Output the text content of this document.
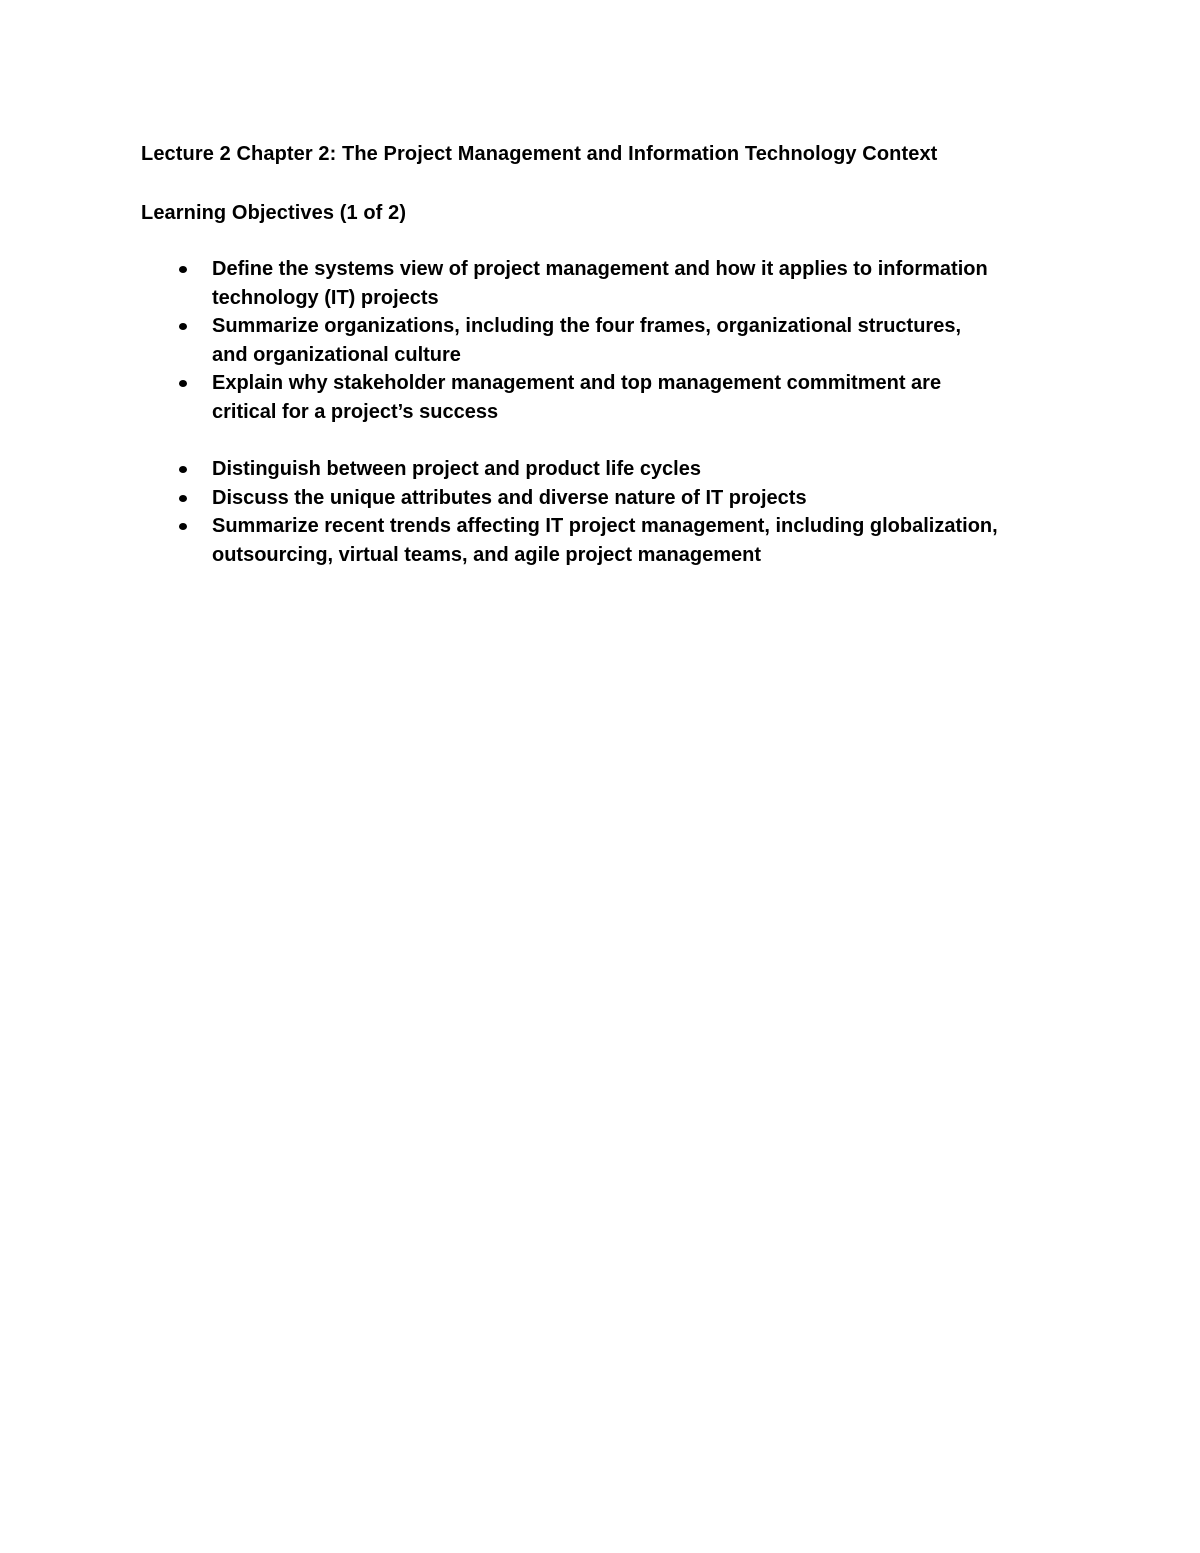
Lecture 2 Chapter 2: The Project Management and Information Technology Context
Learning Objectives (1 of 2)
Define the systems view of project management and how it applies to information
technology (IT) projects
Summarize organizations, including the four frames, organizational structures,
and organizational culture
Explain why stakeholder management and top management commitment are
critical for a project’s success
Distinguish between project and product life cycles
Discuss the unique attributes and diverse nature of IT projects
Summarize recent trends affecting IT project management, including globalization,
outsourcing, virtual teams, and agile project management
